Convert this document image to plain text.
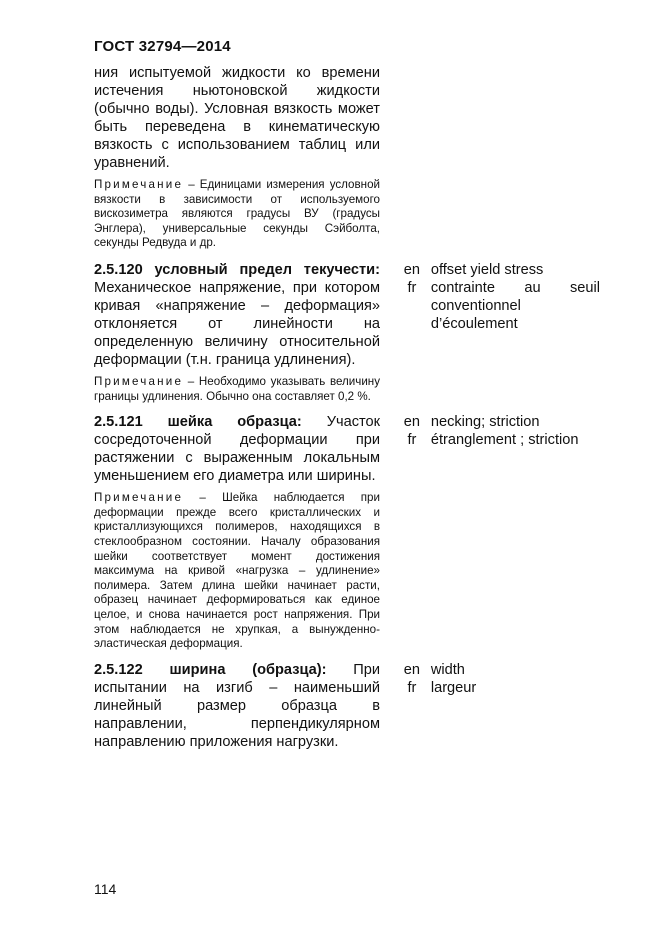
ГОСТ 32794—2014

ния испытуемой жидкости ко времени истечения ньютоновской жидкости (обычно воды). Условная вязкость может быть переведена в кинематическую вязкость с использованием таблиц или уравнений.

Примечание – Единицами измерения условной вязкости в зависимости от используемого вискозиметра являются градусы ВУ (градусы Энглера), универсальные секунды Сэйболта, секунды Редвуда и др.

2.5.120 условный предел текучести: Механическое напряжение, при котором кривая «напряжение – деформация» отклоняется от линейности на определенную величину относительной деформации (т.н. граница удлинения).

Примечание – Необходимо указывать величину границы удлинения. Обычно она составляет 0,2 %.

en
fr
offset yield stress
contrainte au seuil conventionnel d’écoulement

2.5.121 шейка образца: Участок сосредоточенной деформации при растяжении с выраженным локальным уменьшением его диаметра или ширины.

Примечание – Шейка наблюдается при деформации прежде всего кристаллических и кристаллизующихся полимеров, находящихся в стеклообразном состоянии. Началу образования шейки соответствует момент достижения максимума на кривой «нагрузка – удлинение» полимера. Затем длина шейки начинает расти, образец начинает деформироваться как единое целое, и снова начинается рост напряжения. При этом наблюдается не хрупкая, а вынужденно-эластическая деформация.

en
fr
necking; striction
étranglement ; striction

2.5.122 ширина (образца): При испытании на изгиб – наименьший линейный размер образца в направлении, перпендикулярном направлению приложения нагрузки.

en
fr
width
largeur
114
